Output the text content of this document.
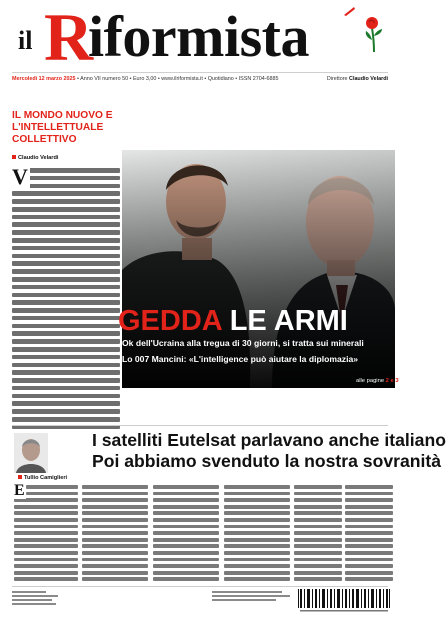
il R
iformista
Mercoledì 12 marzo 2025 • Anno VII numero 50 • Euro 3,00 • www.ilriformista.it • Quotidiano • ISSN 2704-6885	Direttore Claudio Velardi
IL MONDO NUOVO E L'INTELLETTUALE COLLETTIVO
Claudio Velardi
V
GEDDA LE ARMI
Ok dell'Ucraina alla tregua di 30 giorni, si tratta sui minerali
Lo 007 Mancini: «L'intelligence può aiutare la diplomazia»
alle pagine 2 e 3
Tullio Camiglieri
I satelliti Eutelsat parlavano anche italiano
Poi abbiamo svenduto la nostra sovranità
E
